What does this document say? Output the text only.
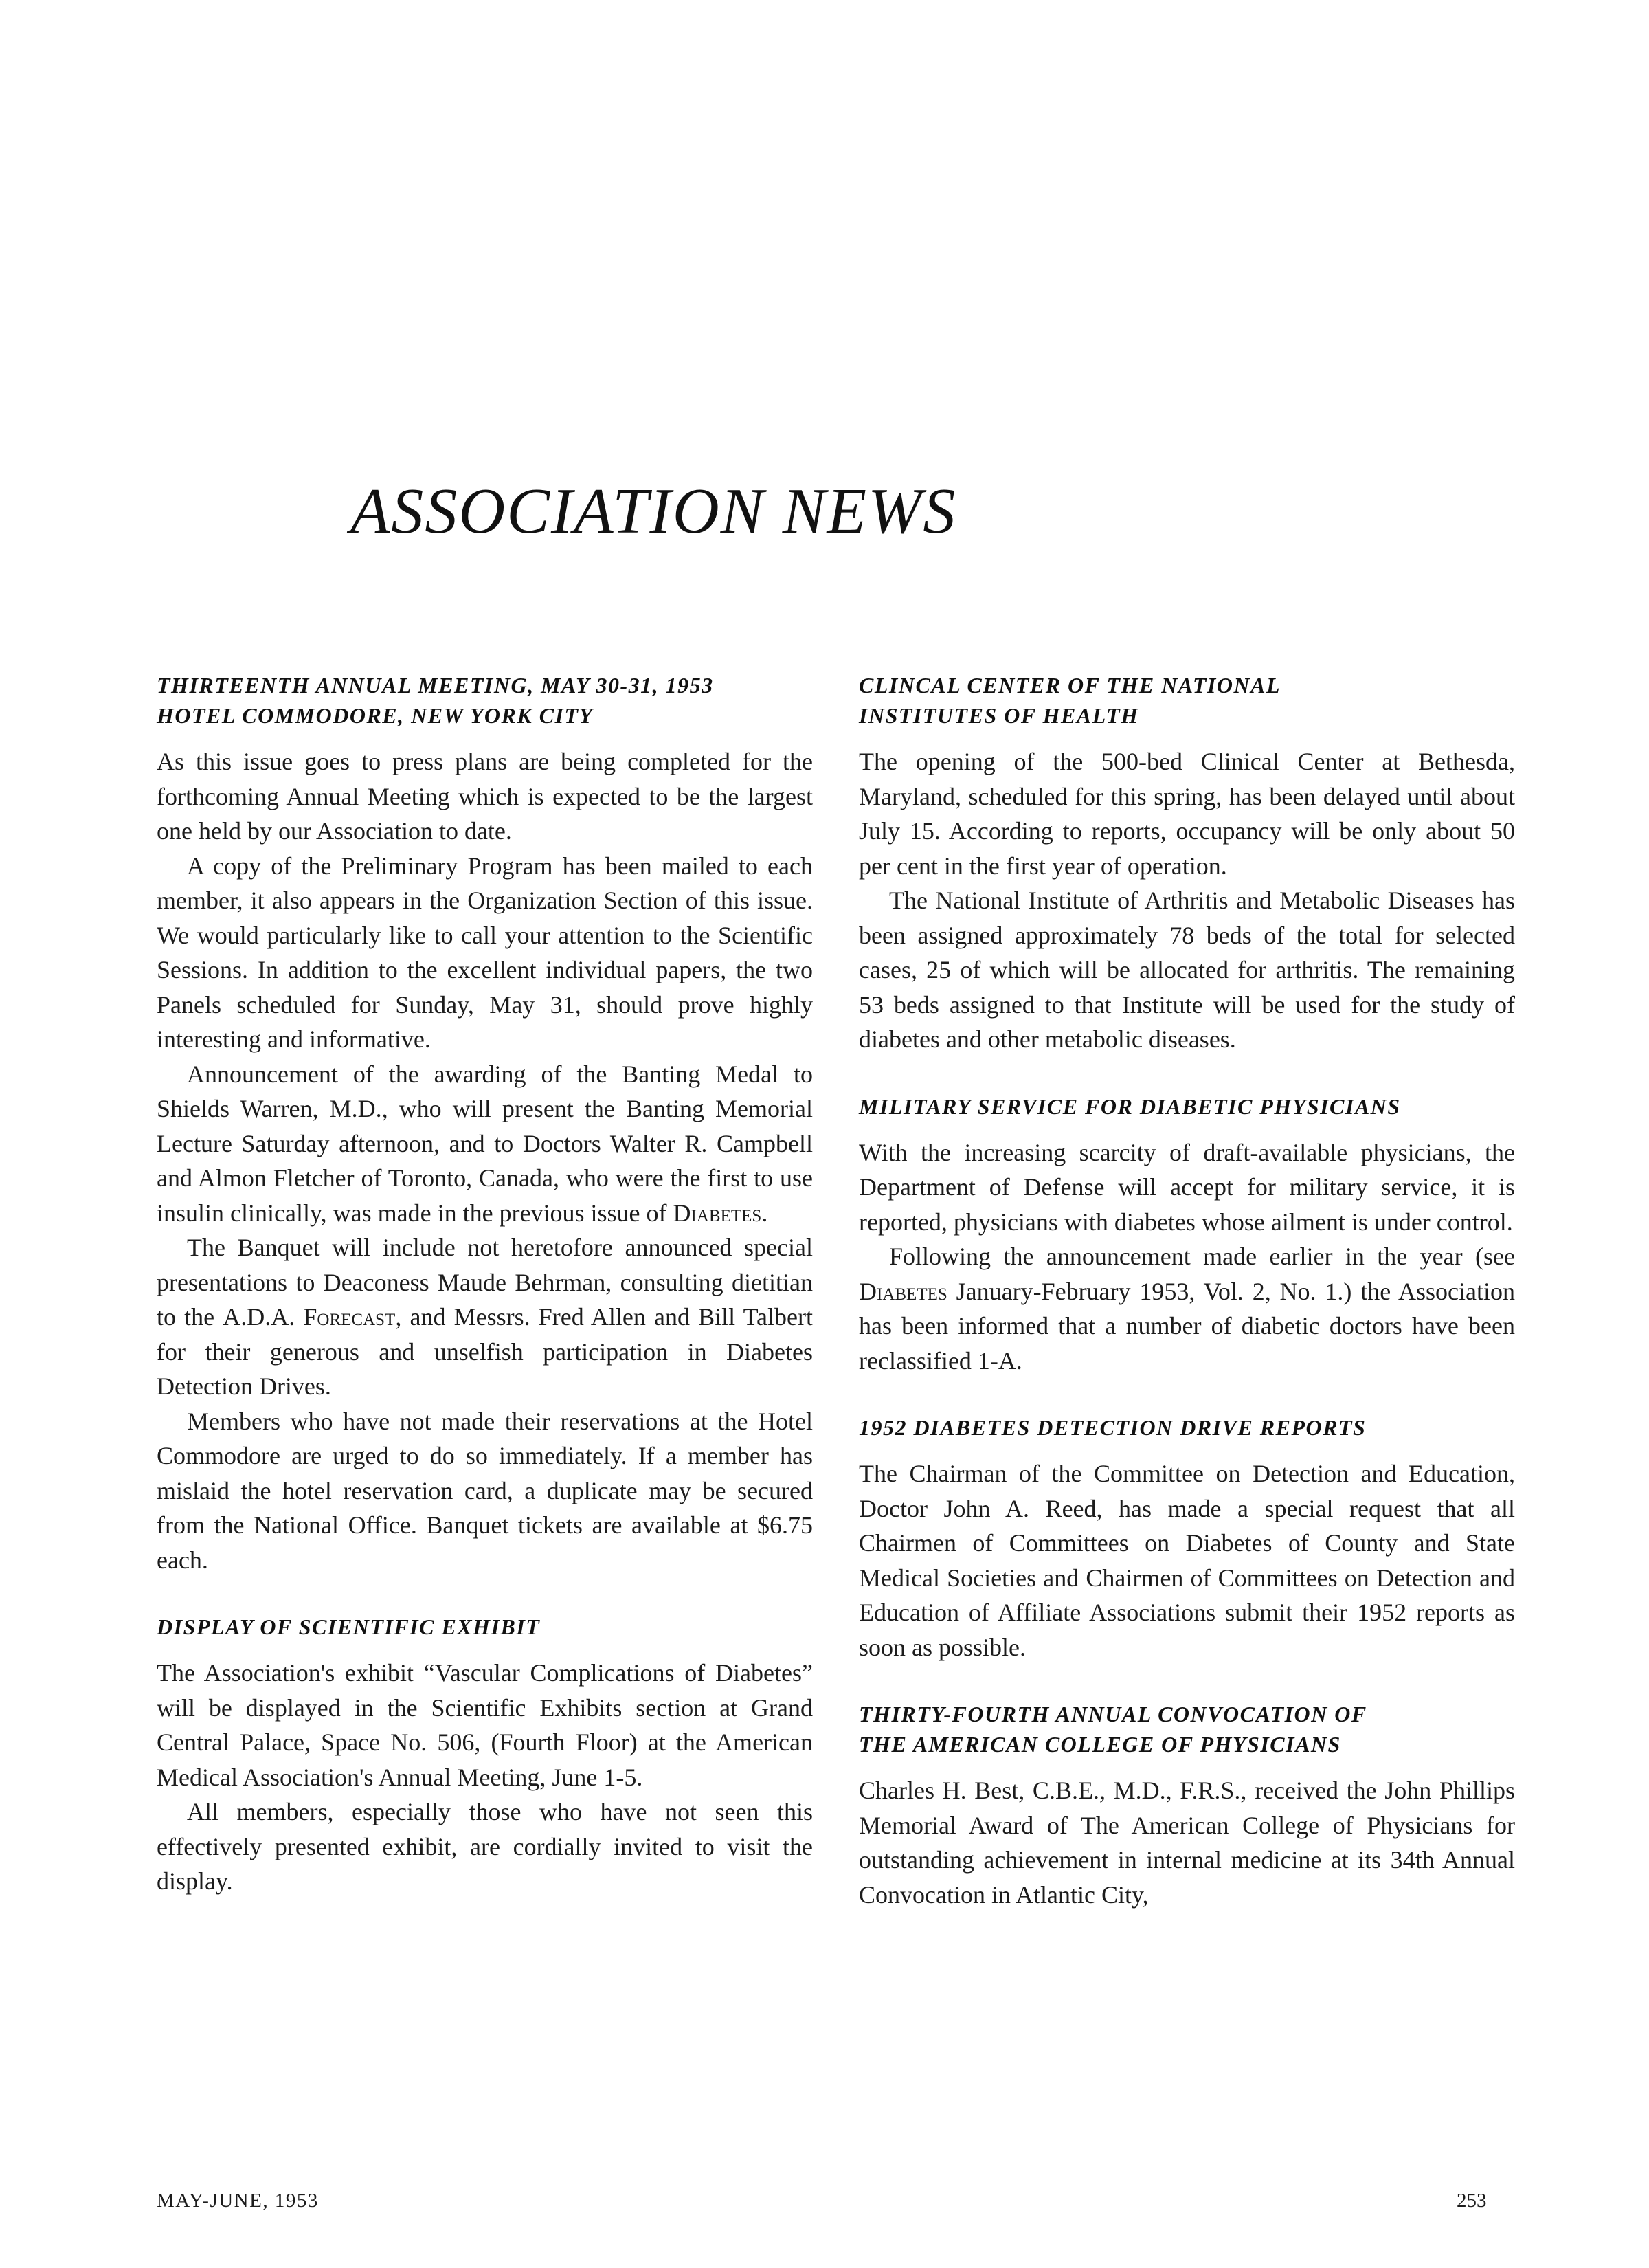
ASSOCIATION NEWS
THIRTEENTH ANNUAL MEETING, MAY 30-31, 1953
HOTEL COMMODORE, NEW YORK CITY

As this issue goes to press plans are being completed for the forthcoming Annual Meeting which is expected to be the largest one held by our Association to date.

A copy of the Preliminary Program has been mailed to each member, it also appears in the Organization Section of this issue. We would particularly like to call your attention to the Scientific Sessions. In addition to the excellent individual papers, the two Panels scheduled for Sunday, May 31, should prove highly interesting and informative.

Announcement of the awarding of the Banting Medal to Shields Warren, M.D., who will present the Banting Memorial Lecture Saturday afternoon, and to Doctors Walter R. Campbell and Almon Fletcher of Toronto, Canada, who were the first to use insulin clinically, was made in the previous issue of Diabetes.

The Banquet will include not heretofore announced special presentations to Deaconess Maude Behrman, consulting dietitian to the A.D.A. Forecast, and Messrs. Fred Allen and Bill Talbert for their generous and unselfish participation in Diabetes Detection Drives.

Members who have not made their reservations at the Hotel Commodore are urged to do so immediately. If a member has mislaid the hotel reservation card, a duplicate may be secured from the National Office. Banquet tickets are available at $6.75 each.

DISPLAY OF SCIENTIFIC EXHIBIT

The Association's exhibit “Vascular Complications of Diabetes” will be displayed in the Scientific Exhibits section at Grand Central Palace, Space No. 506, (Fourth Floor) at the American Medical Association's Annual Meeting, June 1-5.

All members, especially those who have not seen this effectively presented exhibit, are cordially invited to visit the display.

CLINCAL CENTER OF THE NATIONAL
INSTITUTES OF HEALTH

The opening of the 500-bed Clinical Center at Bethesda, Maryland, scheduled for this spring, has been delayed until about July 15. According to reports, occupancy will be only about 50 per cent in the first year of operation.

The National Institute of Arthritis and Metabolic Diseases has been assigned approximately 78 beds of the total for selected cases, 25 of which will be allocated for arthritis. The remaining 53 beds assigned to that Institute will be used for the study of diabetes and other metabolic diseases.

MILITARY SERVICE FOR DIABETIC PHYSICIANS

With the increasing scarcity of draft-available physicians, the Department of Defense will accept for military service, it is reported, physicians with diabetes whose ailment is under control.

Following the announcement made earlier in the year (see Diabetes January-February 1953, Vol. 2, No. 1.) the Association has been informed that a number of diabetic doctors have been reclassified 1-A.

1952 DIABETES DETECTION DRIVE REPORTS

The Chairman of the Committee on Detection and Education, Doctor John A. Reed, has made a special request that all Chairmen of Committees on Diabetes of County and State Medical Societies and Chairmen of Committees on Detection and Education of Affiliate Associations submit their 1952 reports as soon as possible.

THIRTY-FOURTH ANNUAL CONVOCATION OF
THE AMERICAN COLLEGE OF PHYSICIANS

Charles H. Best, C.B.E., M.D., F.R.S., received the John Phillips Memorial Award of The American College of Physicians for outstanding achievement in internal medicine at its 34th Annual Convocation in Atlantic City,

MAY-JUNE, 1953	253
